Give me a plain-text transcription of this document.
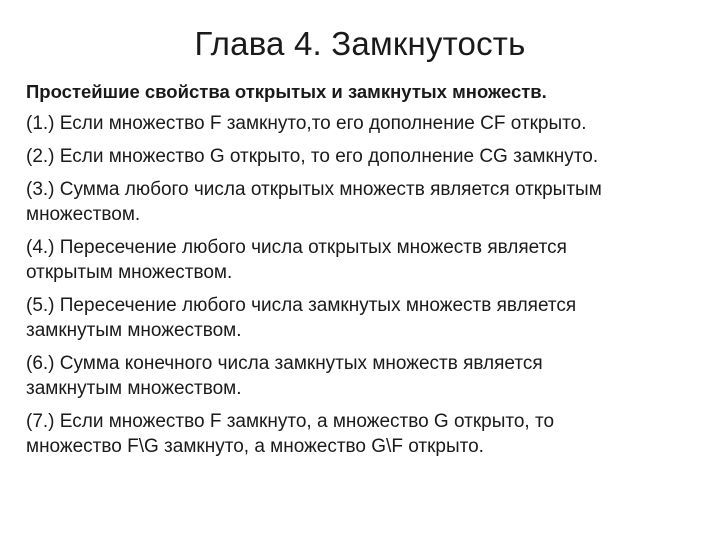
Глава 4. Замкнутость
Простейшие свойства открытых и замкнутых множеств.
(1.) Если множество F замкнуто,то его дополнение CF открыто.
(2.) Если множество G открыто, то его дополнение CG замкнуто.
(3.) Сумма любого числа открытых множеств является открытым
множеством.
(4.) Пересечение любого числа открытых множеств является
открытым множеством.
(5.) Пересечение любого числа замкнутых множеств является
замкнутым множеством.
(6.) Сумма конечного числа замкнутых множеств является
замкнутым множеством.
(7.) Если множество F замкнуто, а множество G открыто, то
множество F\G замкнуто, а множество G\F открыто.
